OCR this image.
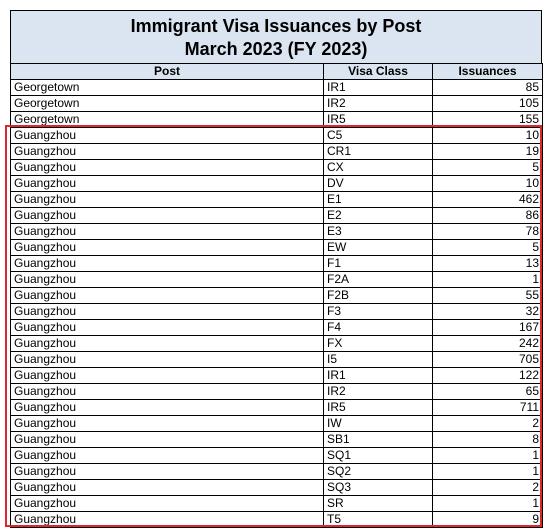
Immigrant Visa Issuances by Post
March 2023 (FY 2023)
Post	Visa Class	Issuances
Georgetown	IR1	85
Georgetown	IR2	105
Georgetown	IR5	155
Guangzhou	C5	10
Guangzhou	CR1	19
Guangzhou	CX	5
Guangzhou	DV	10
Guangzhou	E1	462
Guangzhou	E2	86
Guangzhou	E3	78
Guangzhou	EW	5
Guangzhou	F1	13
Guangzhou	F2A	1
Guangzhou	F2B	55
Guangzhou	F3	32
Guangzhou	F4	167
Guangzhou	FX	242
Guangzhou	I5	705
Guangzhou	IR1	122
Guangzhou	IR2	65
Guangzhou	IR5	711
Guangzhou	IW	2
Guangzhou	SB1	8
Guangzhou	SQ1	1
Guangzhou	SQ2	1
Guangzhou	SQ3	2
Guangzhou	SR	1
Guangzhou	T5	9
